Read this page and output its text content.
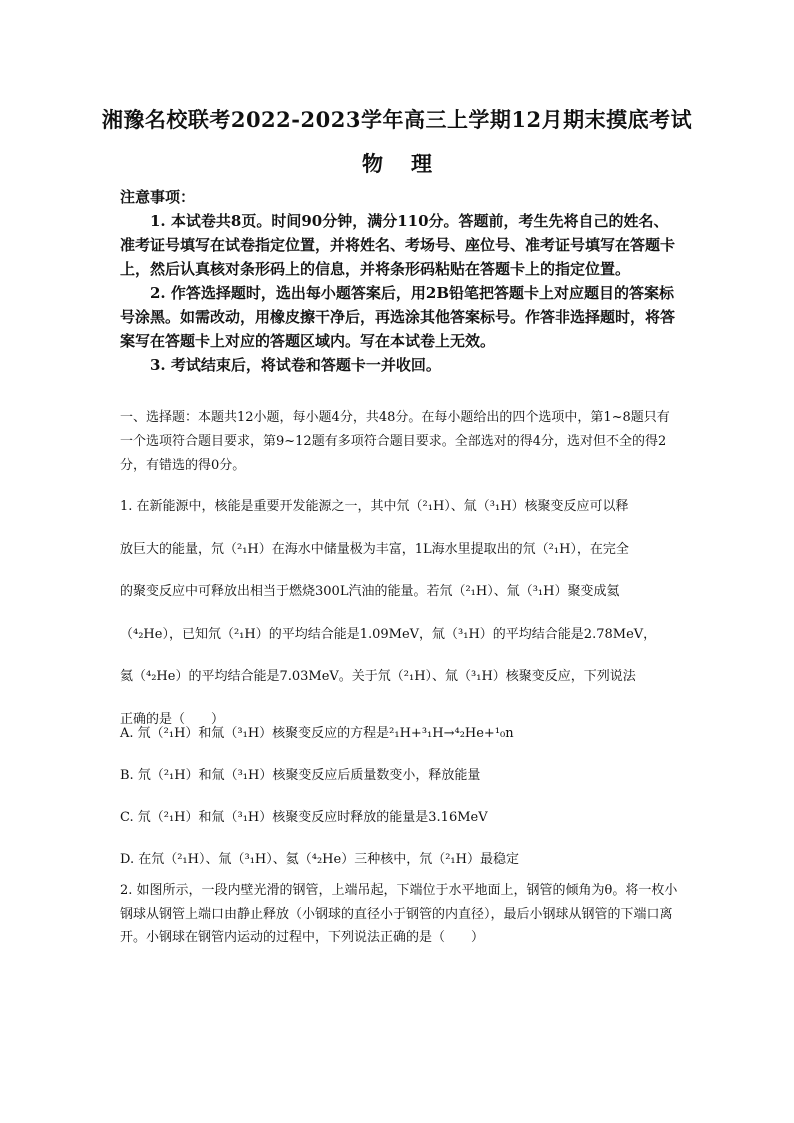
湘豫名校联考2022-2023学年高三上学期12月期末摸底考试
物 理

注意事项：

1. 本试卷共8页。时间90分钟，满分110分。答题前，考生先将自己的姓名、准考证号填写在试卷指定位置，并将姓名、考场号、座位号、准考证号填写在答题卡上，然后认真核对条形码上的信息，并将条形码粘贴在答题卡上的指定位置。

2. 作答选择题时，选出每小题答案后，用2B铅笔把答题卡上对应题目的答案标号涂黑。如需改动，用橡皮擦干净后，再选涂其他答案标号。作答非选择题时，将答案写在答题卡上对应的答题区域内。写在本试卷上无效。

3. 考试结束后，将试卷和答题卡一并收回。

一、选择题：本题共12小题，每小题4分，共48分。在每小题给出的四个选项中，第1~8题只有一个选项符合题目要求，第9~12题有多项符合题目要求。全部选对的得4分，选对但不全的得2分，有错选的得0分。

1. 在新能源中，核能是重要开发能源之一，其中氘（²₁H）、氚（³₁H）核聚变反应可以释

放巨大的能量，氘（²₁H）在海水中储量极为丰富，1L海水里提取出的氘（²₁H），在完全

的聚变反应中可释放出相当于燃烧300L汽油的能量。若氘（²₁H）、氚（³₁H）聚变成氦

（⁴₂He），已知氘（²₁H）的平均结合能是1.09MeV，氚（³₁H）的平均结合能是2.78MeV，

氦（⁴₂He）的平均结合能是7.03MeV。关于氘（²₁H）、氚（³₁H）核聚变反应，下列说法

正确的是（　　）

A. 氘（²₁H）和氚（³₁H）核聚变反应的方程是²₁H+³₁H→⁴₂He+¹₀n
B. 氘（²₁H）和氚（³₁H）核聚变反应后质量数变小，释放能量
C. 氘（²₁H）和氚（³₁H）核聚变反应时释放的能量是3.16MeV
D. 在氘（²₁H）、氚（³₁H）、氦（⁴₂He）三种核中，氘（²₁H）最稳定
2. 如图所示，一段内壁光滑的钢管，上端吊起，下端位于水平地面上，钢管的倾角为θ。将一枚小钢球从钢管上端口由静止释放（小钢球的直径小于钢管的内直径），最后小钢球从钢管的下端口离开。小钢球在钢管内运动的过程中，下列说法正确的是（　　）
